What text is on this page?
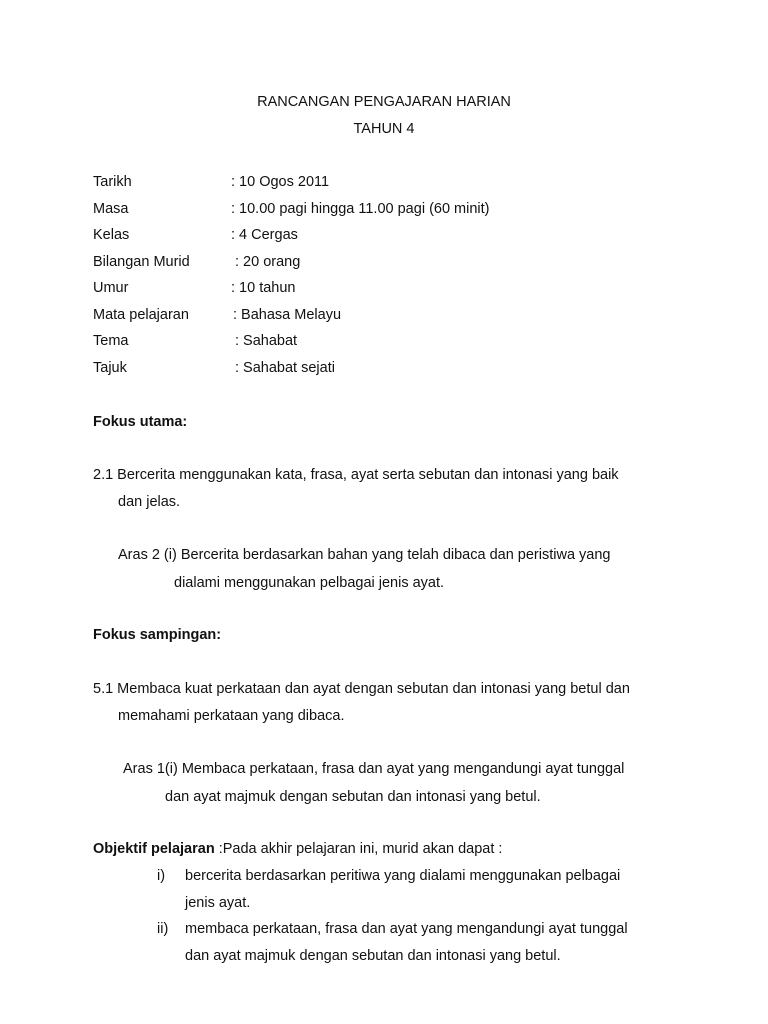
RANCANGAN PENGAJARAN HARIAN
TAHUN 4
Tarikh	: 10 Ogos 2011
Masa	: 10.00 pagi hingga 11.00 pagi (60 minit)
Kelas	: 4 Cergas
Bilangan Murid	: 20 orang
Umur	: 10 tahun
Mata pelajaran	: Bahasa Melayu
Tema	: Sahabat
Tajuk	: Sahabat sejati
Fokus utama:
2.1 Bercerita menggunakan kata, frasa, ayat serta sebutan dan intonasi yang baik
dan jelas.
Aras 2 (i) Bercerita berdasarkan bahan yang telah dibaca dan peristiwa yang
dialami menggunakan pelbagai jenis ayat.
Fokus sampingan:
5.1 Membaca kuat perkataan dan ayat dengan sebutan dan intonasi yang betul dan
memahami perkataan yang dibaca.
Aras 1(i) Membaca perkataan, frasa dan ayat yang mengandungi ayat tunggal
dan ayat majmuk dengan sebutan dan intonasi yang betul.
Objektif pelajaran :Pada akhir pelajaran ini, murid akan dapat :
i) bercerita berdasarkan peritiwa yang dialami menggunakan pelbagai
jenis ayat.
ii) membaca perkataan, frasa dan ayat yang mengandungi ayat tunggal
dan ayat majmuk dengan sebutan dan intonasi yang betul.
